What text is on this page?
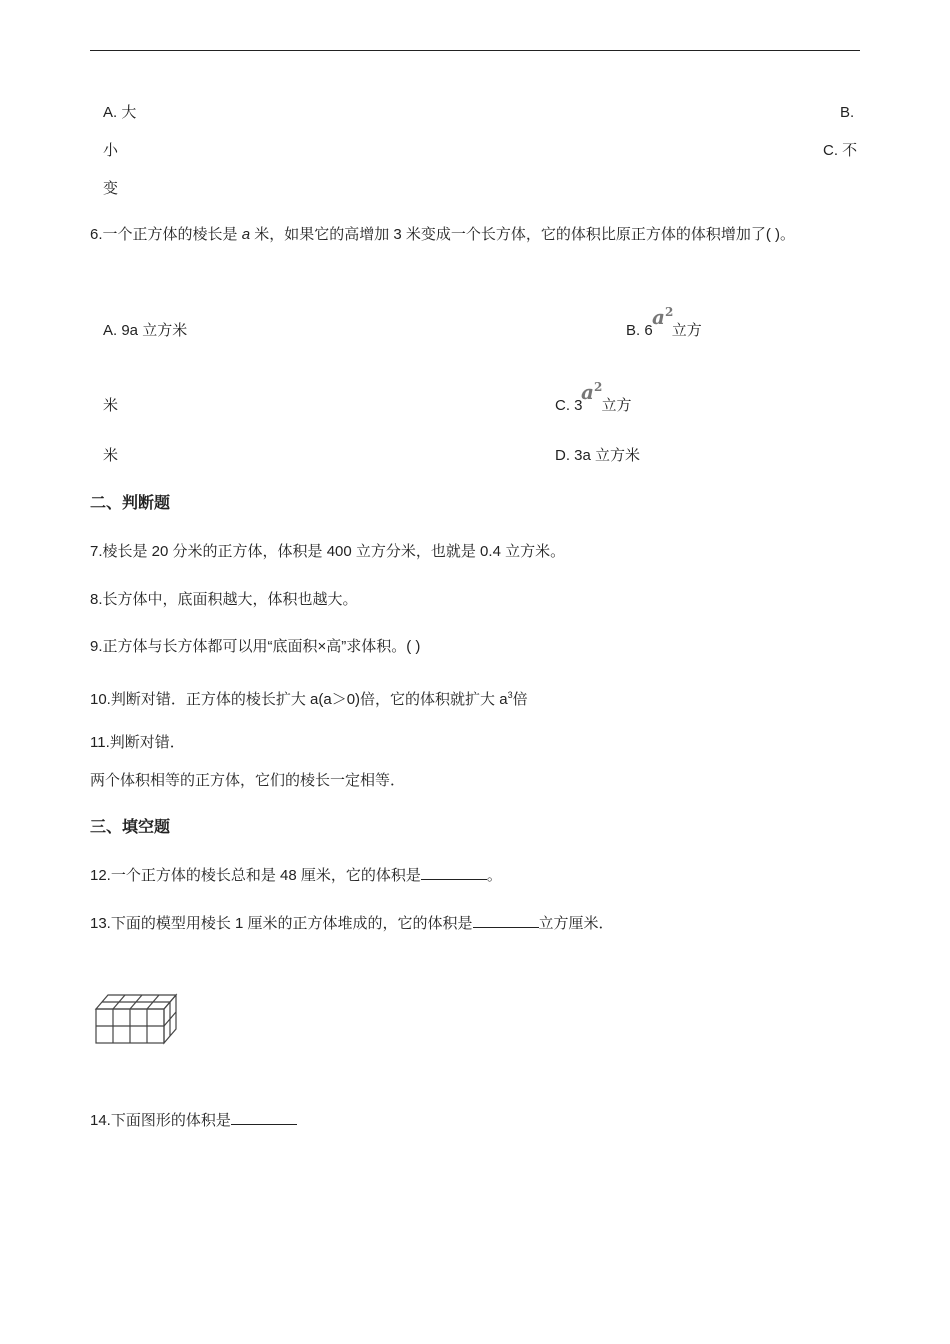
A. 大
小
变
B.
C. 不
6.一个正方体的棱长是 a 米，如果它的高增加 3 米变成一个长方体，它的体积比原正方体的体积增加了( )。
A. 9a 立方米	B. 6 立方
$a^2$
米	C. 3 立方
$a^2$
米	D. 3a 立方米
二、判断题
7.棱长是 20 分米的正方体，体积是 400 立方分米，也就是 0.4 立方米。
8.长方体中，底面积越大，体积也越大。
9.正方体与长方体都可以用“底面积×高”求体积。( )
10.判断对错．正方体的棱长扩大 a(a＞0)倍，它的体积就扩大 $a^3$倍
11.判断对错．
两个体积相等的正方体，它们的棱长一定相等．
三、填空题
12.一个正方体的棱长总和是 48 厘米，它的体积是	。
13.下面的模型用棱长 1 厘米的正方体堆成的，它的体积是	立方厘米．
14.下面图形的体积是
